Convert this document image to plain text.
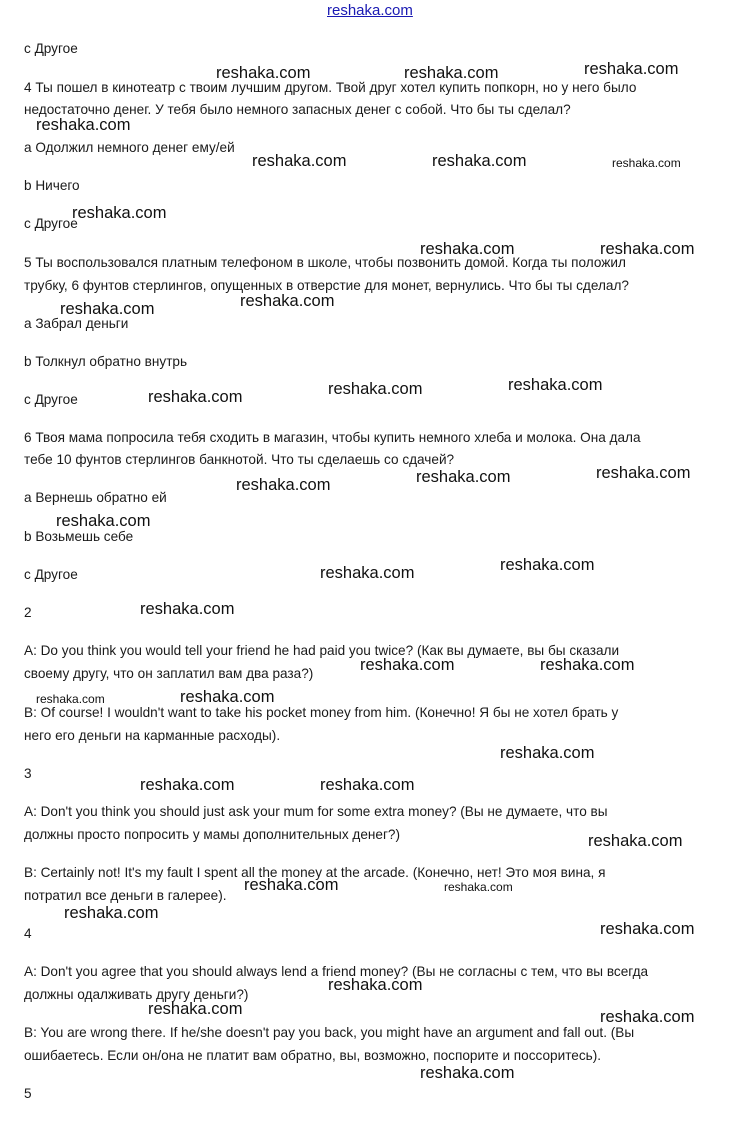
reshaka.com
с Другое
4 Ты пошел в кинотеатр с твоим лучшим другом. Твой друг хотел купить попкорн, но у него было
недостаточно денег. У тебя было немного запасных денег с собой. Что бы ты сделал?
а Одолжил немного денег ему/ей
b Ничего
с Другое
5 Ты воспользовался платным телефоном в школе, чтобы позвонить домой. Когда ты положил
трубку, 6 фунтов стерлингов, опущенных в отверстие для монет, вернулись. Что бы ты сделал?
а Забрал деньги
b Толкнул обратно внутрь
с Другое
6 Твоя мама попросила тебя сходить в магазин, чтобы купить немного хлеба и молока. Она дала
тебе 10 фунтов стерлингов банкнотой. Что ты сделаешь со сдачей?
а Вернешь обратно ей
b Возьмешь себе
с Другое
2
A: Do you think you would tell your friend he had paid you twice? (Как вы думаете, вы бы сказали
своему другу, что он заплатил вам два раза?)
B: Of course! I wouldn't want to take his pocket money from him. (Конечно! Я бы не хотел брать у
него его деньги на карманные расходы).
3
A: Don't you think you should just ask your mum for some extra money? (Вы не думаете, что вы
должны просто попросить у мамы дополнительных денег?)
B: Certainly not! It's my fault I spent all the money at the arcade. (Конечно, нет! Это моя вина, я
потратил все деньги в галерее).
4
A: Don't you agree that you should always lend a friend money? (Вы не согласны с тем, что вы всегда
должны одалживать другу деньги?)
B: You are wrong there. If he/she doesn't pay you back, you might have an argument and fall out. (Вы
ошибаетесь. Если он/она не платит вам обратно, вы, возможно, поспорите и поссоритесь).
5
reshaka.com	reshaka.com	reshaka.com
reshaka.com
reshaka.com	reshaka.com	reshaka.com
reshaka.com
reshaka.com	reshaka.com
reshaka.com
reshaka.com
reshaka.com	reshaka.com
reshaka.com
reshaka.com
reshaka.com
reshaka.com
reshaka.com
reshaka.com
reshaka.com
reshaka.com
reshaka.com	reshaka.com
reshaka.com	reshaka.com
reshaka.com
reshaka.com	reshaka.com
reshaka.com
reshaka.com	reshaka.com
reshaka.com
reshaka.com
reshaka.com
reshaka.com	reshaka.com
reshaka.com
